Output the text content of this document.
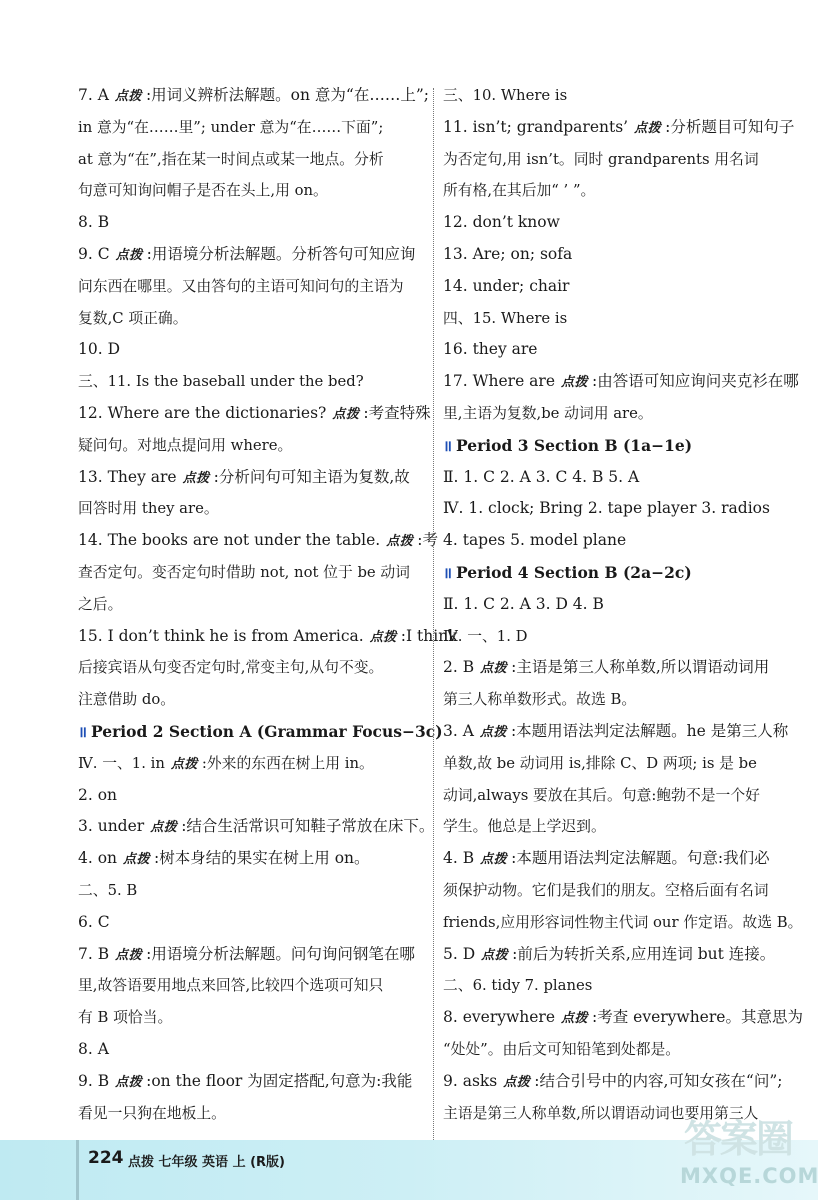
7. A 点拨 :用词义辨析法解题。on 意为“在……上”;
in 意为“在……里”; under 意为“在……下面”;
at 意为“在”,指在某一时间点或某一地点。分析
句意可知询问帽子是否在头上,用 on。
8. B
9. C 点拨 :用语境分析法解题。分析答句可知应询
问东西在哪里。又由答句的主语可知问句的主语为
复数,C 项正确。
10. D
三、11. Is the baseball under the bed?
12. Where are the dictionaries? 点拨 :考查特殊
疑问句。对地点提问用 where。
13. They are 点拨 :分析问句可知主语为复数,故
回答时用 they are。
14. The books are not under the table. 点拨 :考
查否定句。变否定句时借助 not, not 位于 be 动词
之后。
15. I don’t think he is from America. 点拨 :I think
后接宾语从句变否定句时,常变主句,从句不变。
注意借助 do。
॥ Period 2 Section A (Grammar Focus−3c)
Ⅳ. 一、1. in 点拨 :外来的东西在树上用 in。
2. on
3. under 点拨 :结合生活常识可知鞋子常放在床下。
4. on 点拨 :树本身结的果实在树上用 on。
二、5. B
6. C
7. B 点拨 :用语境分析法解题。问句询问钢笔在哪
里,故答语要用地点来回答,比较四个选项可知只
有 B 项恰当。
8. A
9. B 点拨 :on the floor 为固定搭配,句意为:我能
看见一只狗在地板上。
三、10. Where is
11. isn’t; grandparents’ 点拨 :分析题目可知句子
为否定句,用 isn’t。同时 grandparents 用名词
所有格,在其后加“ ’ ”。
12. don’t know
13. Are; on; sofa
14. under; chair
四、15. Where is
16. they are
17. Where are 点拨 :由答语可知应询问夹克衫在哪
里,主语为复数,be 动词用 are。
॥ Period 3 Section B (1a−1e)
Ⅱ. 1. C 2. A 3. C 4. B 5. A
Ⅳ. 1. clock; Bring 2. tape player 3. radios
4. tapes 5. model plane
॥ Period 4 Section B (2a−2c)
Ⅱ. 1. C 2. A 3. D 4. B
Ⅳ. 一、1. D
2. B 点拨 :主语是第三人称单数,所以谓语动词用
第三人称单数形式。故选 B。
3. A 点拨 :本题用语法判定法解题。he 是第三人称
单数,故 be 动词用 is,排除 C、D 两项; is 是 be
动词,always 要放在其后。句意:鲍勃不是一个好
学生。他总是上学迟到。
4. B 点拨 :本题用语法判定法解题。句意:我们必
须保护动物。它们是我们的朋友。空格后面有名词
friends,应用形容词性物主代词 our 作定语。故选 B。
5. D 点拨 :前后为转折关系,应用连词 but 连接。
二、6. tidy 7. planes
8. everywhere 点拨 :考查 everywhere。其意思为
“处处”。由后文可知铅笔到处都是。
9. asks 点拨 :结合引号中的内容,可知女孩在“问”;
主语是第三人称单数,所以谓语动词也要用第三人
224 点拨 七年级 英语 上 (R版)
答案圈
MXQE.COM
